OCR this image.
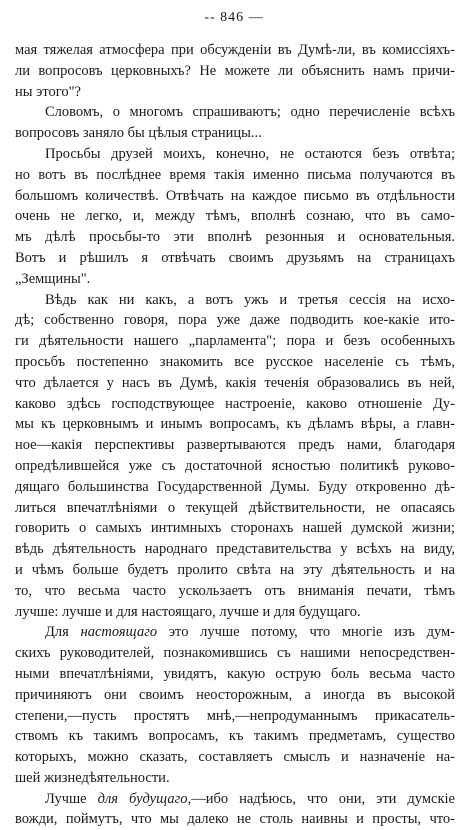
-- 846 —
мая тяжелая атмосфера при обсужденіи въ Думѣ-ли, въ комиссіяхъ-
ли вопросовъ церковныхъ? Не можете ли объяснить намъ причи-
ны этого"?
Словомъ, о многомъ спрашиваютъ; одно перечисленіе всѣхъ
вопросовъ заняло бы цѣлыя страницы...
Просьбы друзей моихъ, конечно, не остаются безъ отвѣта;
но вотъ въ послѣднее время такія именно письма получаются въ
большомъ количествѣ. Отвѣчать на каждое письмо въ отдѣльности
очень не легко, и, между тѣмъ, вполнѣ сознаю, что въ само-
мъ дѣлѣ просьбы-то эти вполнѣ резонныя и основательныя.
Вотъ и рѣшилъ я отвѣчать своимъ друзьямъ на страницахъ
„Земщины".
Вѣдь как ни какъ, а вотъ ужъ и третья сессія на исхо-
дѣ; собственно говоря, пора уже даже подводить кое-какіе ито-
ги дѣятельности нашего „парламента"; пора и безъ особенныхъ
просьбъ постепенно знакомить все русское населеніе съ тѣмъ,
что дѣлается у насъ въ Думѣ, какія теченія образовались въ ней,
каково здѣсь господствующее настроеніе, каково отношеніе Ду-
мы къ церковнымъ и инымъ вопросамъ, къ дѣламъ вѣры, а главн-
ное—какія перспективы развертываются предъ нами, благодаря
опредѣлившейся уже съ достаточной ясностью политикѣ руково-
дящаго большинства Государственной Думы. Буду откровенно дѣ-
литься впечатлѣніями о текущей дѣйствительности, не опасаясь
говорить о самыхъ интимныхъ сторонахъ нашей думской жизни;
вѣдь дѣятельность народнаго представительства у всѣхъ на виду,
и чѣмъ больше будетъ пролито свѣта на эту дѣятельность и на
то, что весьма часто ускользаетъ отъ вниманія печати, тѣмъ
лучше: лучше и для настоящаго, лучше и для будущаго.
Для настоящаго это лучше потому, что многіе изъ дум-
скихъ руководителей, познакомившись съ нашими непосредствен-
ными впечатлѣніями, увидятъ, какую острую боль весьма часто
причиняютъ они своимъ неосторожным, а иногда въ высокой
степени,—пусть простятъ мнѣ,—непродуманнымъ прикасатель-
ствомъ къ такимъ вопросамъ, къ такимъ предметамъ, существо
которыхъ, можно сказать, составляетъ смыслъ и назначеніе на-
шей жизнедѣятельности.
Лучше для будущаго,—ибо надѣюсь, что они, эти думскіе
вожди, поймутъ, что мы далеко не столь наивны и просты, что-
